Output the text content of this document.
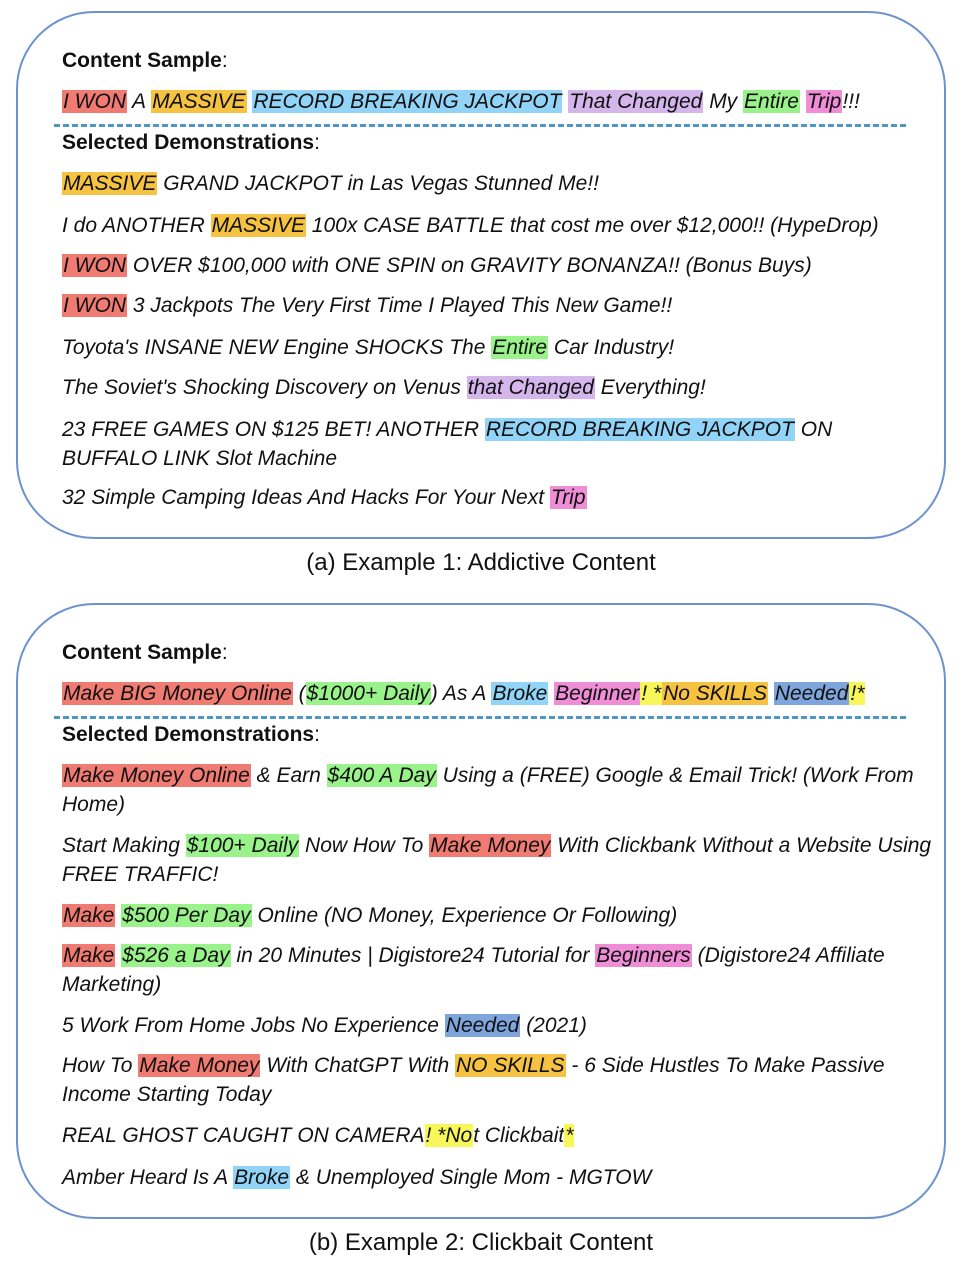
Content Sample:
I WON A MASSIVE RECORD BREAKING JACKPOT That Changed My Entire Trip!!!
Selected Demonstrations:
MASSIVE GRAND JACKPOT in Las Vegas Stunned Me!!
I do ANOTHER MASSIVE 100x CASE BATTLE that cost me over $12,000!! (HypeDrop)
I WON OVER $100,000 with ONE SPIN on GRAVITY BONANZA!! (Bonus Buys)
I WON 3 Jackpots The Very First Time I Played This New Game!!
Toyota's INSANE NEW Engine SHOCKS The Entire Car Industry!
The Soviet's Shocking Discovery on Venus that Changed Everything!
23 FREE GAMES ON $125 BET! ANOTHER RECORD BREAKING JACKPOT ON BUFFALO LINK Slot Machine
32 Simple Camping Ideas And Hacks For Your Next Trip
(a) Example 1: Addictive Content
Content Sample:
Make BIG Money Online ($1000+ Daily) As A Broke Beginner! *No SKILLS Needed!*
Selected Demonstrations:
Make Money Online & Earn $400 A Day Using a (FREE) Google & Email Trick! (Work From Home)
Start Making $100+ Daily Now How To Make Money With Clickbank Without a Website Using FREE TRAFFIC!
Make $500 Per Day Online (NO Money, Experience Or Following)
Make $526 a Day in 20 Minutes | Digistore24 Tutorial for Beginners (Digistore24 Affiliate Marketing)
5 Work From Home Jobs No Experience Needed (2021)
How To Make Money With ChatGPT With NO SKILLS - 6 Side Hustles To Make Passive Income Starting Today
REAL GHOST CAUGHT ON CAMERA! *Not Clickbait*
Amber Heard Is A Broke & Unemployed Single Mom - MGTOW
(b) Example 2: Clickbait Content
